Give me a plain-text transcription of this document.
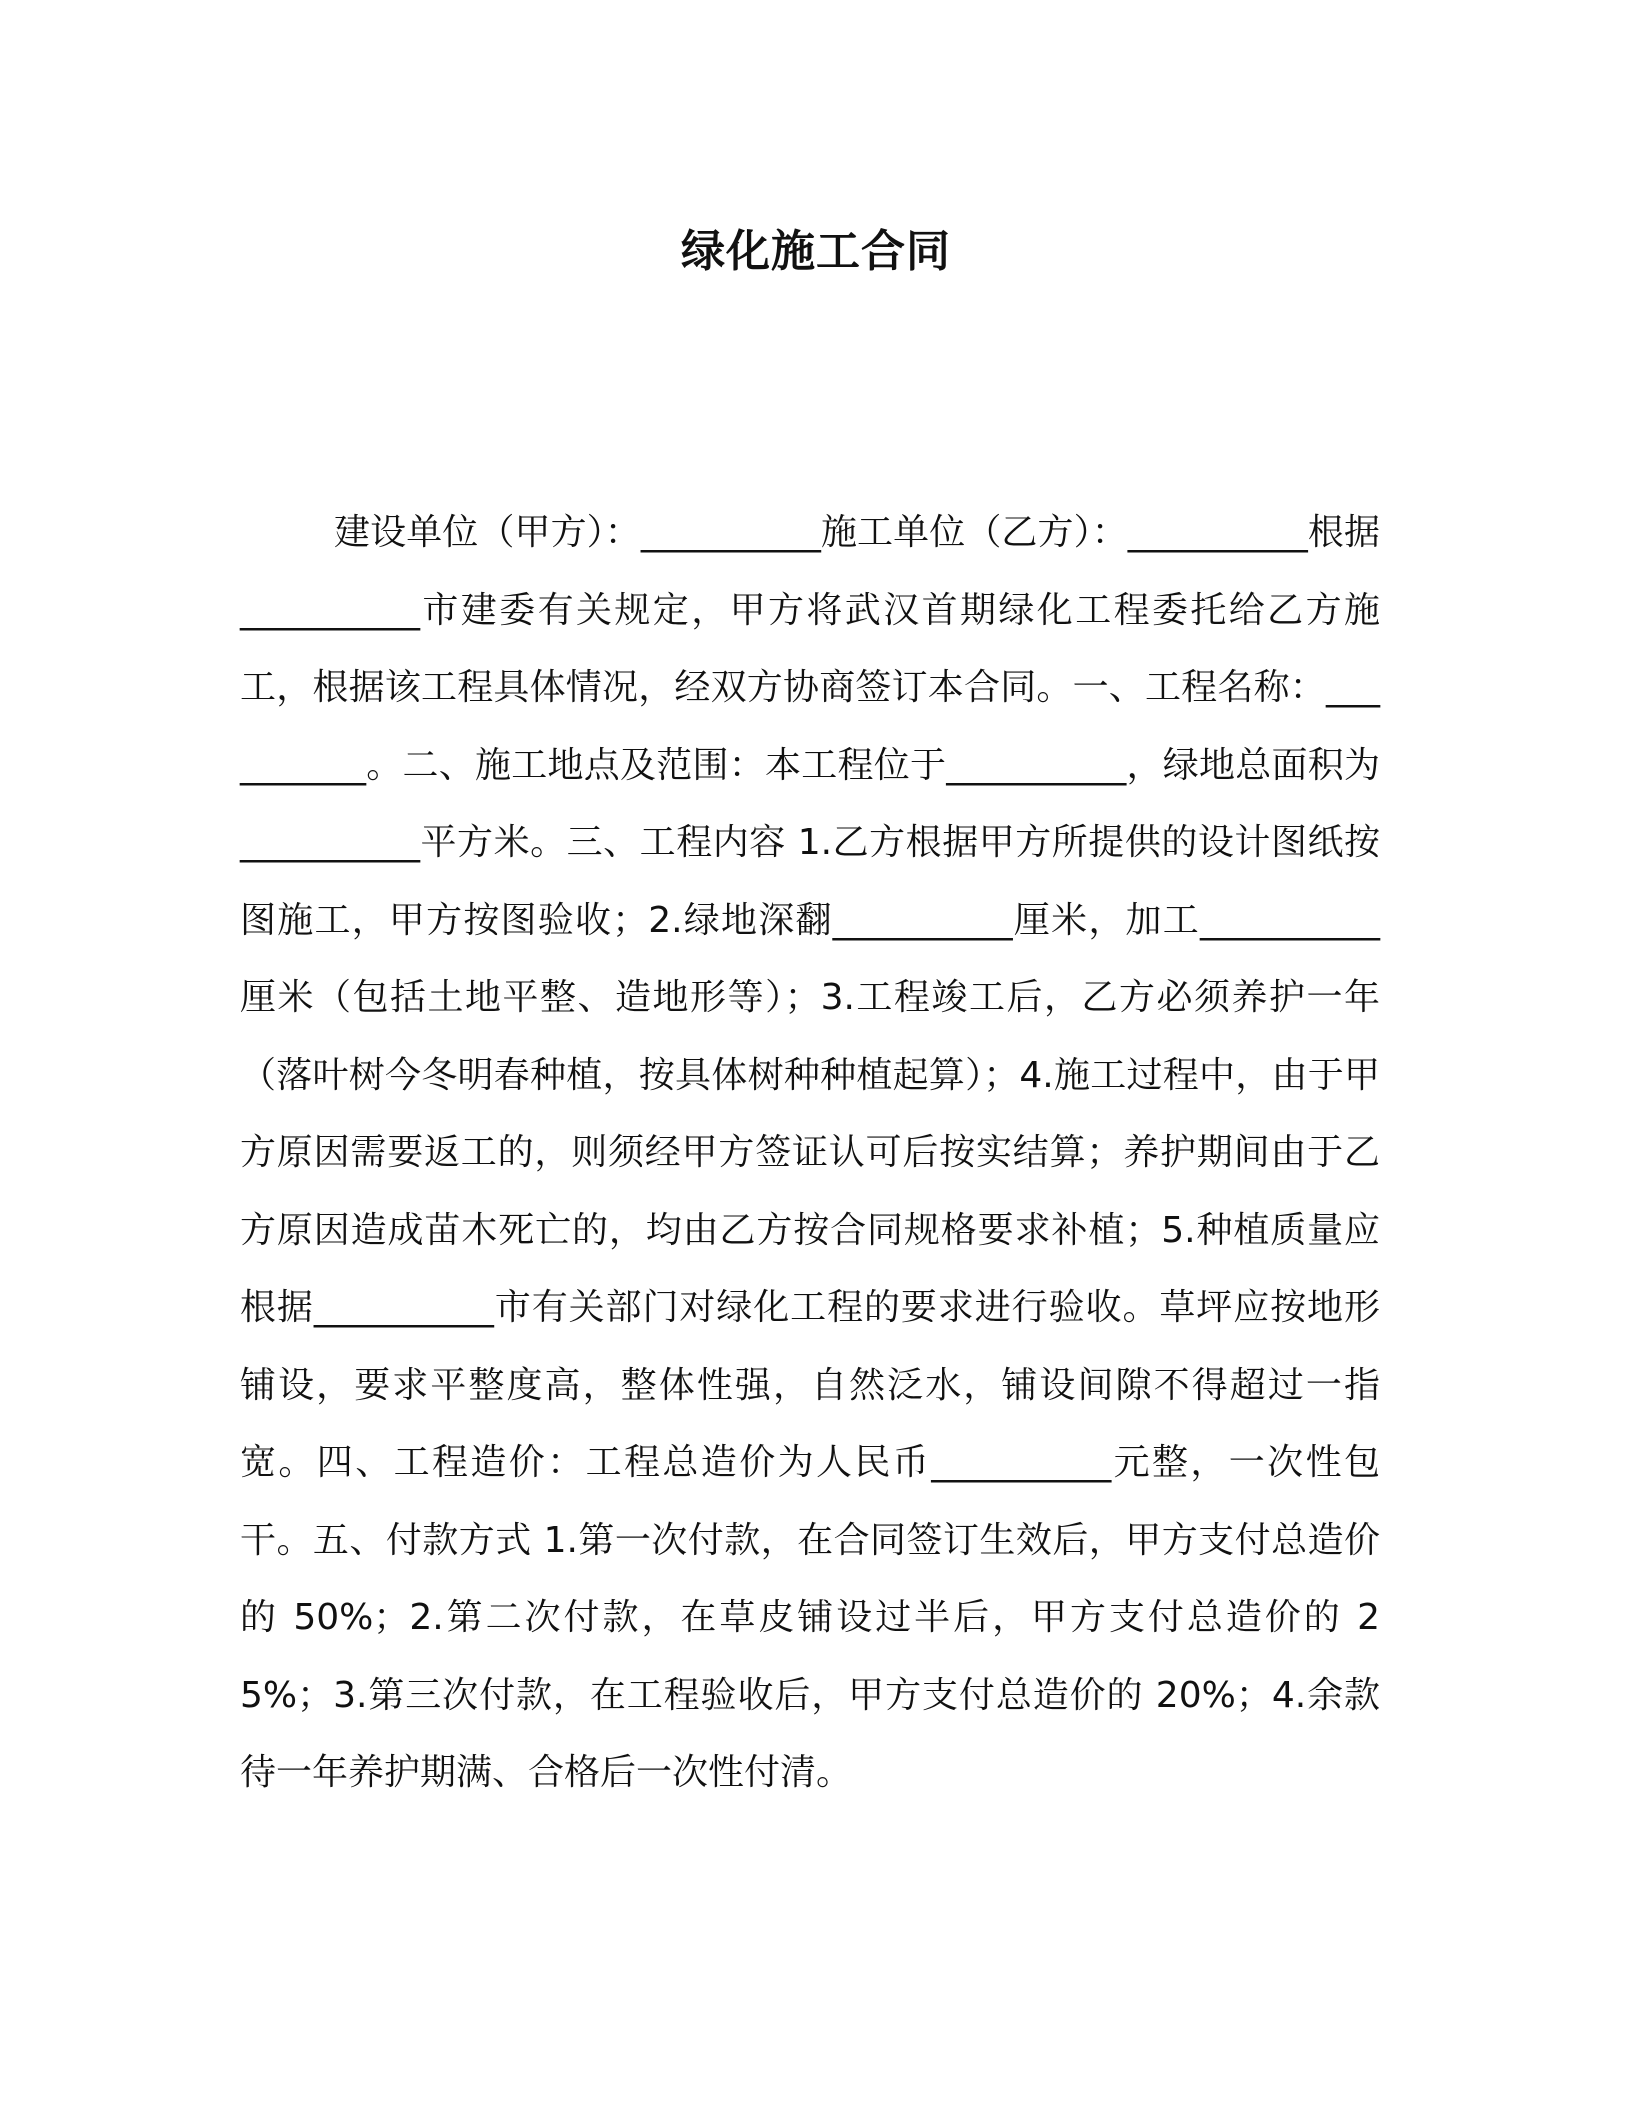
绿化施工合同

建设单位（甲方）：__________施工单位（乙方）：__________根据__________市建委有关规定，甲方将武汉首期绿化工程委托给乙方施工，根据该工程具体情况，经双方协商签订本合同。一、工程名称：__________。二、施工地点及范围：本工程位于__________，绿地总面积为__________平方米。三、工程内容 1.乙方根据甲方所提供的设计图纸按图施工，甲方按图验收；2.绿地深翻__________厘米，加工__________厘米（包括土地平整、造地形等）；3.工程竣工后，乙方必须养护一年（落叶树今冬明春种植，按具体树种种植起算）；4.施工过程中，由于甲方原因需要返工的，则须经甲方签证认可后按实结算；养护期间由于乙方原因造成苗木死亡的，均由乙方按合同规格要求补植；5.种植质量应根据__________市有关部门对绿化工程的要求进行验收。草坪应按地形铺设，要求平整度高，整体性强，自然泛水，铺设间隙不得超过一指宽。四、工程造价：工程总造价为人民币__________元整，一次性包干。五、付款方式 1.第一次付款，在合同签订生效后，甲方支付总造价的 50%；2.第二次付款，在草皮铺设过半后，甲方支付总造价的 25%；3.第三次付款，在工程验收后，甲方支付总造价的 20%；4.余款待一年养护期满、合格后一次性付清。
